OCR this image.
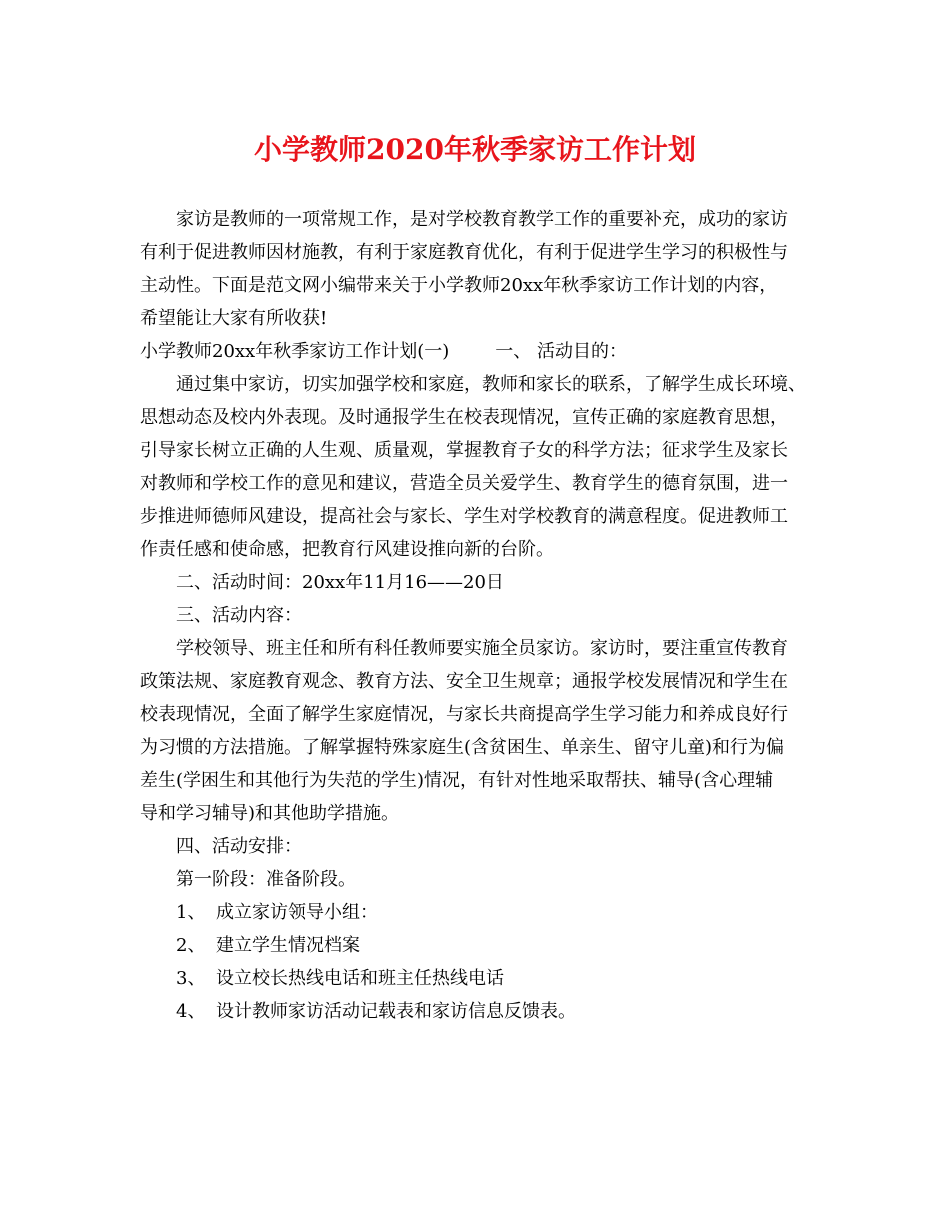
小学教师2020年秋季家访工作计划
家访是教师的一项常规工作，是对学校教育教学工作的重要补充，成功的家访
有利于促进教师因材施教，有利于家庭教育优化，有利于促进学生学习的积极性与
主动性。下面是范文网小编带来关于小学教师20xx年秋季家访工作计划的内容，
希望能让大家有所收获!
小学教师20xx年秋季家访工作计划(一)	一、 活动目的：
通过集中家访，切实加强学校和家庭，教师和家长的联系，了解学生成长环境、
思想动态及校内外表现。及时通报学生在校表现情况，宣传正确的家庭教育思想，
引导家长树立正确的人生观、质量观，掌握教育子女的科学方法；征求学生及家长
对教师和学校工作的意见和建议，营造全员关爱学生、教育学生的德育氛围，进一
步推进师德师风建设，提高社会与家长、学生对学校教育的满意程度。促进教师工
作责任感和使命感，把教育行风建设推向新的台阶。
二、活动时间：20xx年11月16——20日
三、活动内容：
学校领导、班主任和所有科任教师要实施全员家访。家访时，要注重宣传教育
政策法规、家庭教育观念、教育方法、安全卫生规章；通报学校发展情况和学生在
校表现情况，全面了解学生家庭情况，与家长共商提高学生学习能力和养成良好行
为习惯的方法措施。了解掌握特殊家庭生(含贫困生、单亲生、留守儿童)和行为偏
差生(学困生和其他行为失范的学生)情况，有针对性地采取帮扶、辅导(含心理辅
导和学习辅导)和其他助学措施。
四、活动安排：
第一阶段：准备阶段。
1、 成立家访领导小组：
2、 建立学生情况档案
3、 设立校长热线电话和班主任热线电话
4、 设计教师家访活动记载表和家访信息反馈表。
